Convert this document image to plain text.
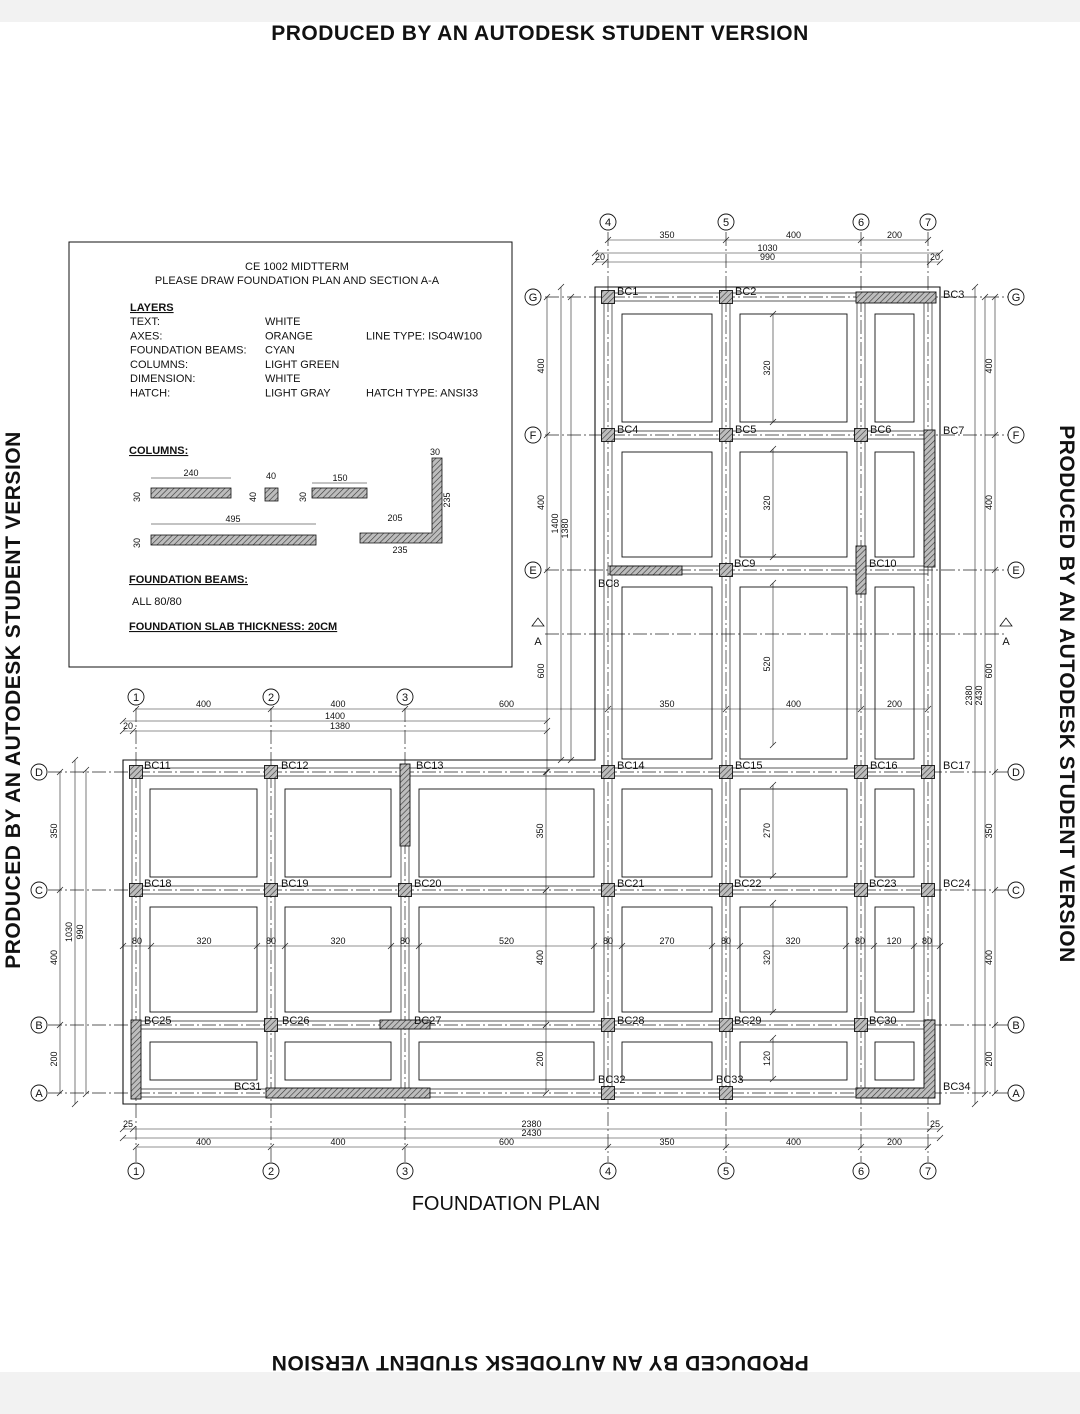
PRODUCED BY AN AUTODESK STUDENT VERSION
PRODUCED BY AN AUTODESK STUDENT VERSION
PRODUCED BY AN AUTODESK STUDENT VERSION	PRODUCED BY AN AUTODESK STUDENT VERSION
CE 1002 MIDTTERM
PLEASE DRAW FOUNDATION PLAN AND SECTION A-A
LAYERS
TEXT:	WHITE
AXES:	ORANGE	LINE TYPE: ISO4W100
FOUNDATION BEAMS: CYAN
COLUMNS:	LIGHT GREEN
DIMENSION:	WHITE
HATCH:	LIGHT GRAY	HATCH TYPE: ANSI33
COLUMNS:
240
30
40
40
150
30
495
30
205
235
30
235
FOUNDATION BEAMS:
ALL 80/80
FOUNDATION SLAB THICKNESS: 20CM
A	A
4	5	6	7
1	2	3
1	2	3	4	5	6	7
G	G
F	F
E	E
D	D
C	C
B	B
A	A
BC1	BC2	BC3
BC4	BC5	BC6	BC7
BC8
BC9	BC10
BC11	BC12	BC13	BC14	BC15	BC16	BC17
BC18	BC19	BC20	BC21	BC22	BC23	BC24
BC25	BC26	BC27	BC28	BC29	BC30
BC31
BC32	BC33
BC34
350	400	200
1030
20	990	20
400	400	600	350	400	200
1400
20	1380
400	400	600	350	400	200
25	2380	25
2430
80	320	80	320	80	520	80	270	80	320	80 120 80
350
400
200
1030 990
400
400
600
350
400
200
2380 2430
400
400
600
1400 1380
320
320
520
270
320
120
350
400
200
FOUNDATION PLAN
